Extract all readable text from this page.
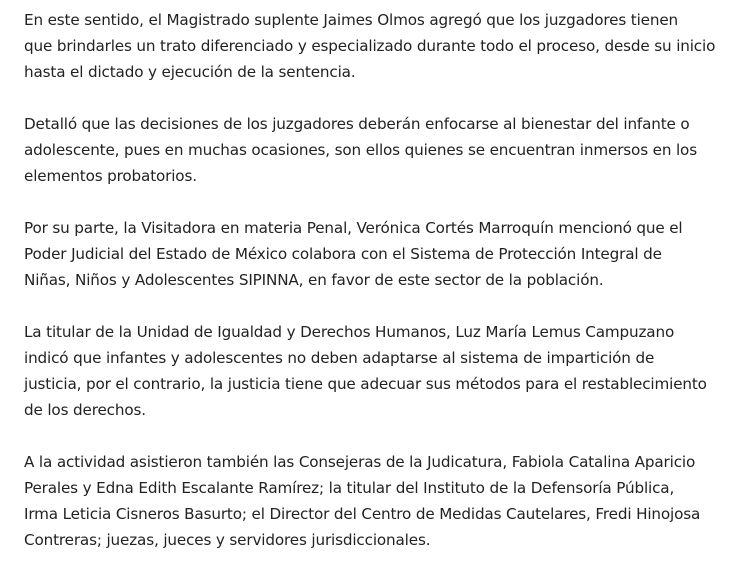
En este sentido, el Magistrado suplente Jaimes Olmos agregó que los juzgadores tienen
que brindarles un trato diferenciado y especializado durante todo el proceso, desde su inicio
hasta el dictado y ejecución de la sentencia.

Detalló que las decisiones de los juzgadores deberán enfocarse al bienestar del infante o
adolescente, pues en muchas ocasiones, son ellos quienes se encuentran inmersos en los
elementos probatorios.

Por su parte, la Visitadora en materia Penal, Verónica Cortés Marroquín mencionó que el
Poder Judicial del Estado de México colabora con el Sistema de Protección Integral de
Niñas, Niños y Adolescentes SIPINNA, en favor de este sector de la población.

La titular de la Unidad de Igualdad y Derechos Humanos, Luz María Lemus Campuzano
indicó que infantes y adolescentes no deben adaptarse al sistema de impartición de
justicia, por el contrario, la justicia tiene que adecuar sus métodos para el restablecimiento
de los derechos.

A la actividad asistieron también las Consejeras de la Judicatura, Fabiola Catalina Aparicio
Perales y Edna Edith Escalante Ramírez; la titular del Instituto de la Defensoría Pública,
Irma Leticia Cisneros Basurto; el Director del Centro de Medidas Cautelares, Fredi Hinojosa
Contreras; juezas, jueces y servidores jurisdiccionales.
